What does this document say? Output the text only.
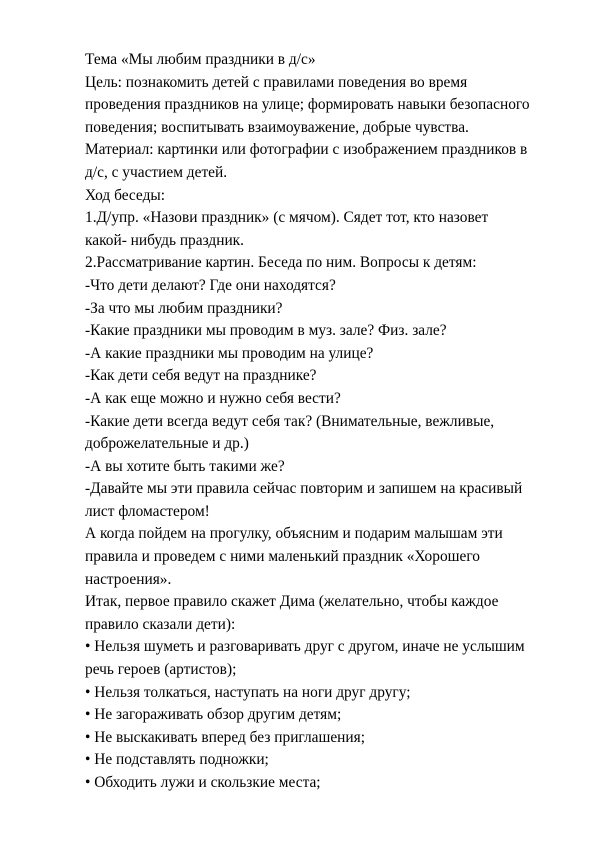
Тема «Мы любим праздники в д/с»

Цель: познакомить детей с правилами поведения во время

проведения праздников на улице; формировать навыки безопасного

поведения; воспитывать взаимоуважение, добрые чувства.

Материал: картинки или фотографии с изображением праздников в

д/с, с участием детей.

Ход беседы:

1.Д/упр. «Назови праздник» (с мячом). Сядет тот, кто назовет

какой- нибудь праздник.

2.Рассматривание картин. Беседа по ним. Вопросы к детям:

-Что дети делают? Где они находятся?

-За что мы любим праздники?

-Какие праздники мы проводим в муз. зале? Физ. зале?

-А какие праздники мы проводим на улице?

-Как дети себя ведут на празднике?

-А как еще можно и нужно себя вести?

-Какие дети всегда ведут себя так? (Внимательные, вежливые,

доброжелательные и др.)

-А вы хотите быть такими же?

-Давайте мы эти правила сейчас повторим и запишем на красивый

лист фломастером!

А когда пойдем на прогулку, объясним и подарим малышам эти

правила и проведем с ними маленький праздник «Хорошего

настроения».

Итак, первое правило скажет Дима (желательно, чтобы каждое

правило сказали дети):

• Нельзя шуметь и разговаривать друг с другом, иначе не услышим

речь героев (артистов);

• Нельзя толкаться, наступать на ноги друг другу;

• Не загораживать обзор другим детям;

• Не выскакивать вперед без приглашения;

• Не подставлять подножки;

• Обходить лужи и скользкие места;
